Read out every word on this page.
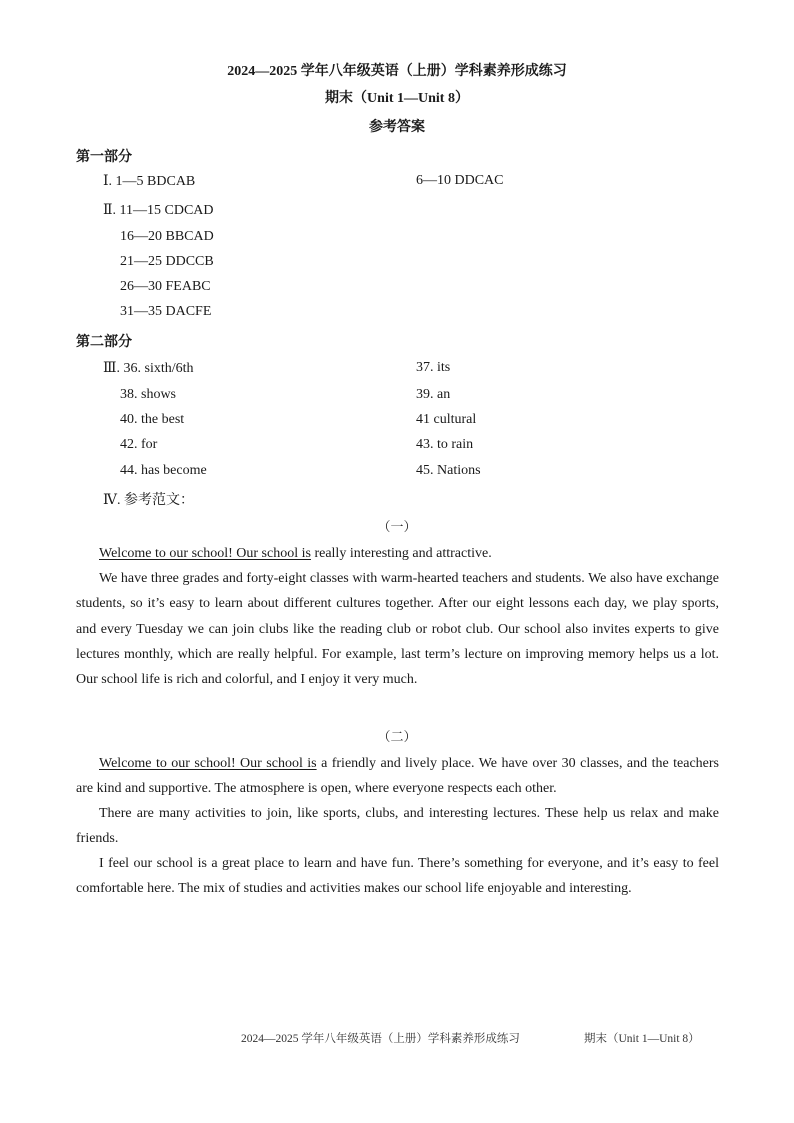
2024—2025 学年八年级英语（上册）学科素养形成练习
期末（Unit 1—Unit 8）
参考答案
第一部分
Ⅰ. 1—5 BDCAB	6—10 DDCAC
Ⅱ. 11—15 CDCAD
16—20 BBCAD
21—25 DDCCB
26—30 FEABC
31—35 DACFE
第二部分
Ⅲ. 36. sixth/6th	37. its
38. shows	39. an
40. the best	41 cultural
42. for	43. to rain
44. has become	45. Nations
Ⅳ. 参考范文：
（一）
Welcome to our school! Our school is really interesting and attractive.
We have three grades and forty-eight classes with warm-hearted teachers and students. We also have exchange students, so it’s easy to learn about different cultures together. After our eight lessons each day, we play sports, and every Tuesday we can join clubs like the reading club or robot club. Our school also invites experts to give lectures monthly, which are really helpful. For example, last term’s lecture on improving memory helps us a lot. Our school life is rich and colorful, and I enjoy it very much.
（二）
Welcome to our school! Our school is a friendly and lively place. We have over 30 classes, and the teachers are kind and supportive. The atmosphere is open, where everyone respects each other.
There are many activities to join, like sports, clubs, and interesting lectures. These help us relax and make friends.
I feel our school is a great place to learn and have fun. There’s something for everyone, and it’s easy to feel comfortable here. The mix of studies and activities makes our school life enjoyable and interesting.
2024—2025 学年八年级英语（上册）学科素养形成练习	期末（Unit 1—Unit 8）
